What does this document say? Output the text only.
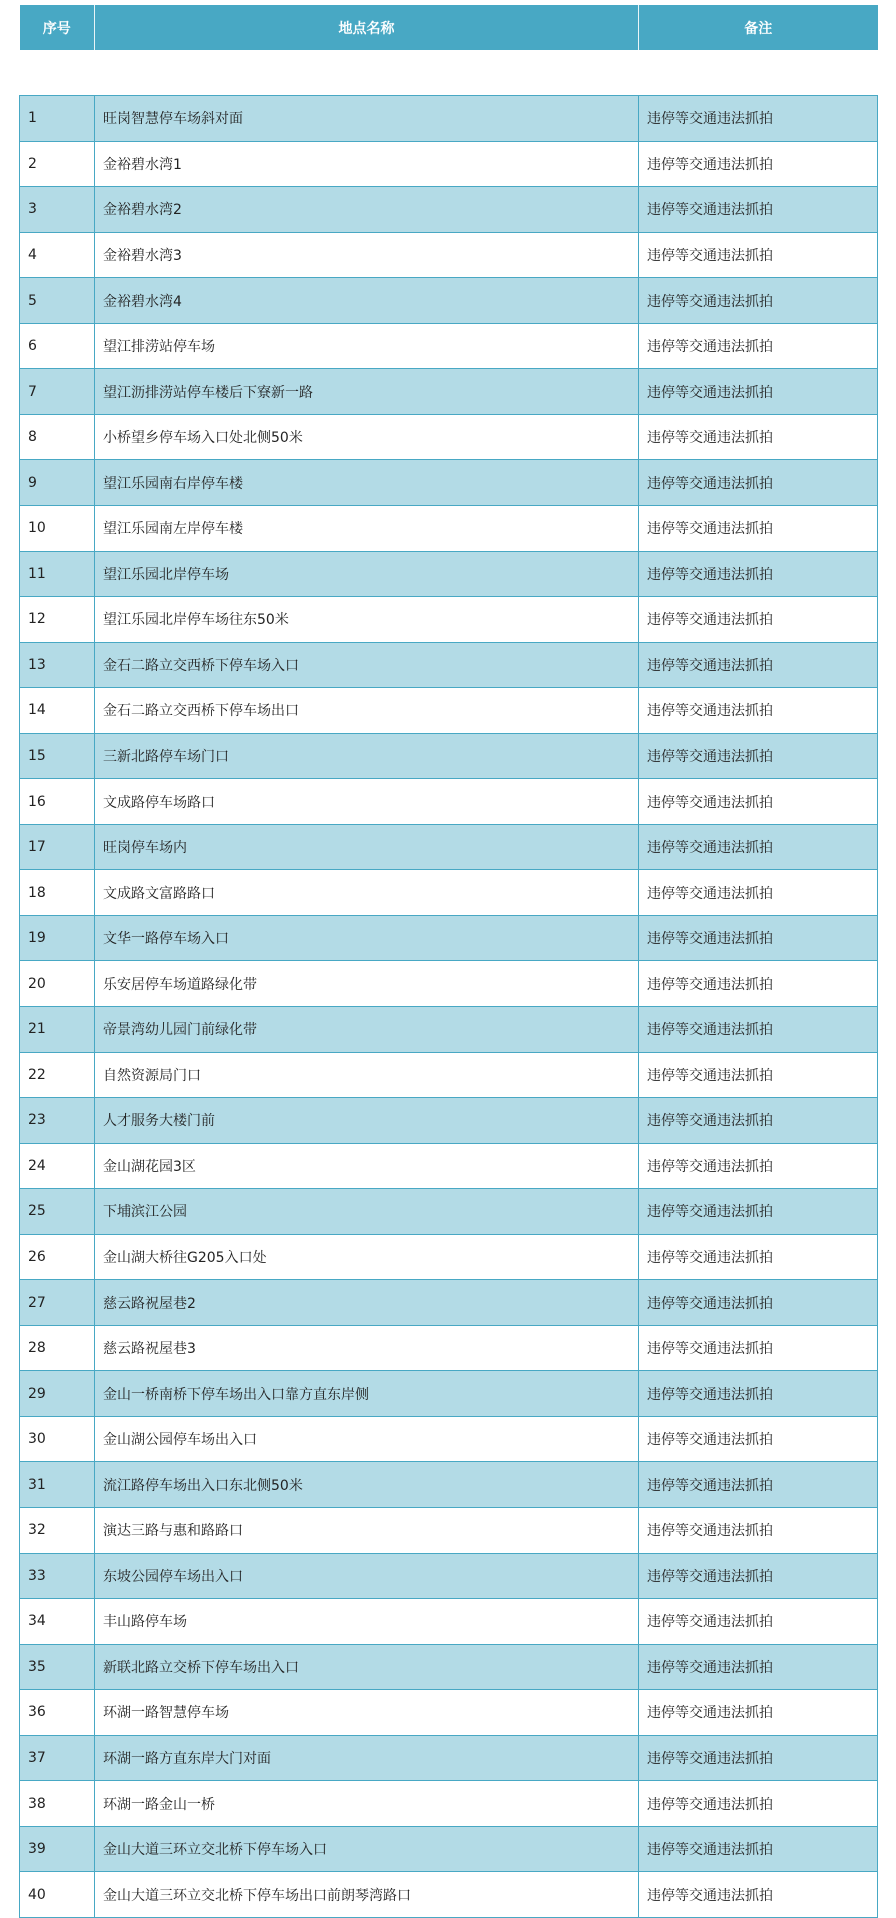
序号	地点名称	备注

1	旺岗智慧停车场斜对面	违停等交通违法抓拍
2	金裕碧水湾1	违停等交通违法抓拍
3	金裕碧水湾2	违停等交通违法抓拍
4	金裕碧水湾3	违停等交通违法抓拍
5	金裕碧水湾4	违停等交通违法抓拍
6	望江排涝站停车场	违停等交通违法抓拍
7	望江沥排涝站停车楼后下寮新一路	违停等交通违法抓拍
8	小桥望乡停车场入口处北侧50米	违停等交通违法抓拍
9	望江乐园南右岸停车楼	违停等交通违法抓拍
10	望江乐园南左岸停车楼	违停等交通违法抓拍
11	望江乐园北岸停车场	违停等交通违法抓拍
12	望江乐园北岸停车场往东50米	违停等交通违法抓拍
13	金石二路立交西桥下停车场入口	违停等交通违法抓拍
14	金石二路立交西桥下停车场出口	违停等交通违法抓拍
15	三新北路停车场门口	违停等交通违法抓拍
16	文成路停车场路口	违停等交通违法抓拍
17	旺岗停车场内	违停等交通违法抓拍
18	文成路文富路路口	违停等交通违法抓拍
19	文华一路停车场入口	违停等交通违法抓拍
20	乐安居停车场道路绿化带	违停等交通违法抓拍
21	帝景湾幼儿园门前绿化带	违停等交通违法抓拍
22	自然资源局门口	违停等交通违法抓拍
23	人才服务大楼门前	违停等交通违法抓拍
24	金山湖花园3区	违停等交通违法抓拍
25	下埔滨江公园	违停等交通违法抓拍
26	金山湖大桥往G205入口处	违停等交通违法抓拍
27	慈云路祝屋巷2	违停等交通违法抓拍
28	慈云路祝屋巷3	违停等交通违法抓拍
29	金山一桥南桥下停车场出入口靠方直东岸侧	违停等交通违法抓拍
30	金山湖公园停车场出入口	违停等交通违法抓拍
31	流江路停车场出入口东北侧50米	违停等交通违法抓拍
32	演达三路与惠和路路口	违停等交通违法抓拍
33	东坡公园停车场出入口	违停等交通违法抓拍
34	丰山路停车场	违停等交通违法抓拍
35	新联北路立交桥下停车场出入口	违停等交通违法抓拍
36	环湖一路智慧停车场	违停等交通违法抓拍
37	环湖一路方直东岸大门对面	违停等交通违法抓拍
38	环湖一路金山一桥	违停等交通违法抓拍
39	金山大道三环立交北桥下停车场入口	违停等交通违法抓拍
40	金山大道三环立交北桥下停车场出口前朗琴湾路口	违停等交通违法抓拍
